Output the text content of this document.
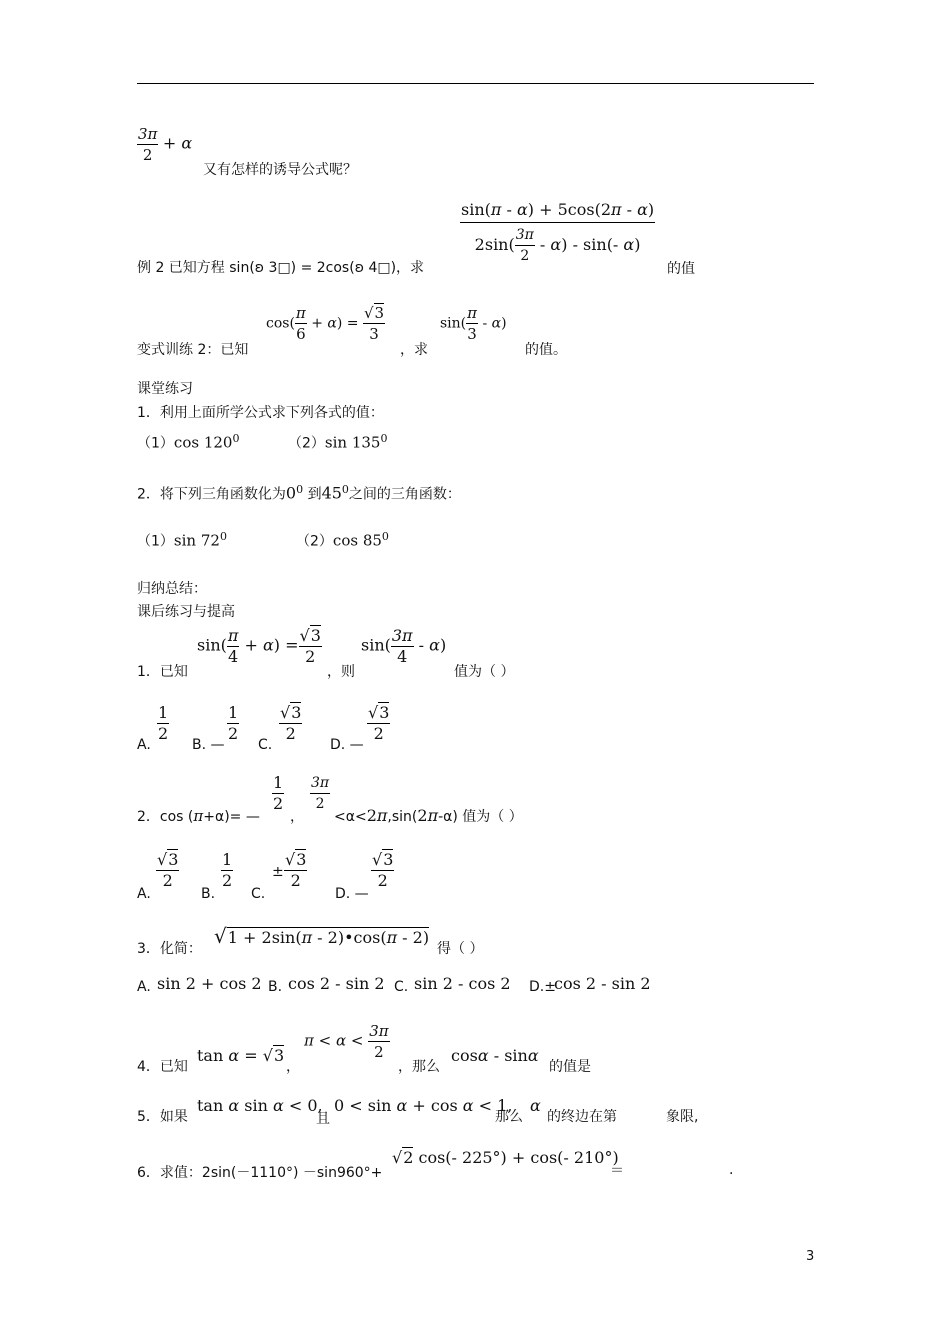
$\frac{3\pi}{2} + \alpha$
又有怎样的诱导公式呢？
$\frac{\sin(\pi - \alpha) + 5\cos(2\pi - \alpha)}{2\sin( \frac{3\pi}{2} - \alpha) - \sin(- \alpha)}$
例 2 已知方程 sin(ʚ 3□) = 2cos(ʚ 4□)，求	的值
变式训练 2：已知
$\cos( \frac{\pi}{6} + \alpha) = \frac{√3}{3}$
，求
$\sin( \frac{\pi}{3} - \alpha)$
的值。
课堂练习
1．利用上面所学公式求下列各式的值：
（1）cos $120^0$	（2）sin $135^0$
2．将下列三角函数化为$0^0$ 到$45^0$之间的三角函数：
（1）sin $72^0$	（2）cos $85^0$
归纳总结：
课后练习与提高
1．已知
$\sin( \frac{\pi}{4} + \alpha) = \frac{√3}{2}$
，则
$\sin( \frac{3\pi}{4} - \alpha)$
值为（ ）
A.
$\frac{1}{2}$
B. —
$\frac{1}{2}$
C.
$\frac{√3}{2}$
D. —
$\frac{√3}{2}$
2．cos (π+α)= —
$\frac{1}{2}$
，
$\frac{3\pi}{2}$
<α<2π,sin(2π-α) 值为（ ）
A.
$\frac{√3}{2}$
B.
$\frac{1}{2}$
C.
± $\frac{√3}{2}$
D. —
$\frac{√3}{2}$
3．化简：
√1 + 2sin(π - 2)•cos(π - 2)
得（ ）
A. sin 2 + cos 2 B. cos 2 - sin 2 C. sin 2 - cos 2 D.±
cos 2 - sin 2
4．已知
tan α = √3
，
$\pi < \alpha < \frac{3\pi}{2}$
，那么
cosα - sinα
的值是
5．如果
tan α sin α < 0,
且
0 < sin α + cos α < 1,
那么
α
的终边在第	象限,
6．求值：2sin(－1110°) －sin960°+
√2 cos(- 225°) + cos(- 210°)
＝	.
3
